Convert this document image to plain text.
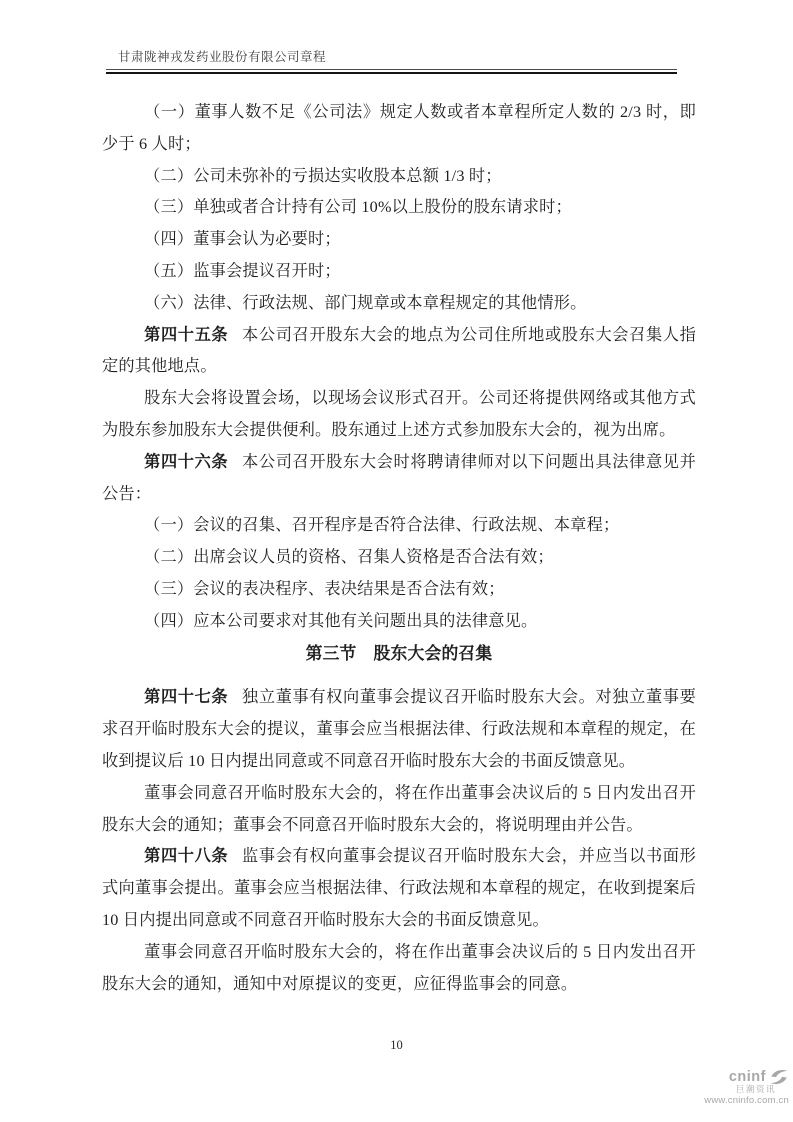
甘肃陇神戎发药业股份有限公司章程

（一）董事人数不足《公司法》规定人数或者本章程所定人数的 2/3 时，即少于 6 人时；

（二）公司未弥补的亏损达实收股本总额 1/3 时；

（三）单独或者合计持有公司 10%以上股份的股东请求时；

（四）董事会认为必要时；

（五）监事会提议召开时；

（六）法律、行政法规、部门规章或本章程规定的其他情形。

第四十五条 本公司召开股东大会的地点为公司住所地或股东大会召集人指定的其他地点。

股东大会将设置会场，以现场会议形式召开。公司还将提供网络或其他方式为股东参加股东大会提供便利。股东通过上述方式参加股东大会的，视为出席。

第四十六条 本公司召开股东大会时将聘请律师对以下问题出具法律意见并公告：

（一）会议的召集、召开程序是否符合法律、行政法规、本章程；

（二）出席会议人员的资格、召集人资格是否合法有效；

（三）会议的表决程序、表决结果是否合法有效；

（四）应本公司要求对其他有关问题出具的法律意见。

第三节　股东大会的召集

第四十七条 独立董事有权向董事会提议召开临时股东大会。对独立董事要求召开临时股东大会的提议，董事会应当根据法律、行政法规和本章程的规定，在收到提议后 10 日内提出同意或不同意召开临时股东大会的书面反馈意见。

董事会同意召开临时股东大会的，将在作出董事会决议后的 5 日内发出召开股东大会的通知；董事会不同意召开临时股东大会的，将说明理由并公告。

第四十八条 监事会有权向董事会提议召开临时股东大会，并应当以书面形式向董事会提出。董事会应当根据法律、行政法规和本章程的规定，在收到提案后 10 日内提出同意或不同意召开临时股东大会的书面反馈意见。

董事会同意召开临时股东大会的，将在作出董事会决议后的 5 日内发出召开股东大会的通知，通知中对原提议的变更，应征得监事会的同意。

10
cninf
巨潮资讯
www.cninfo.com.cn
